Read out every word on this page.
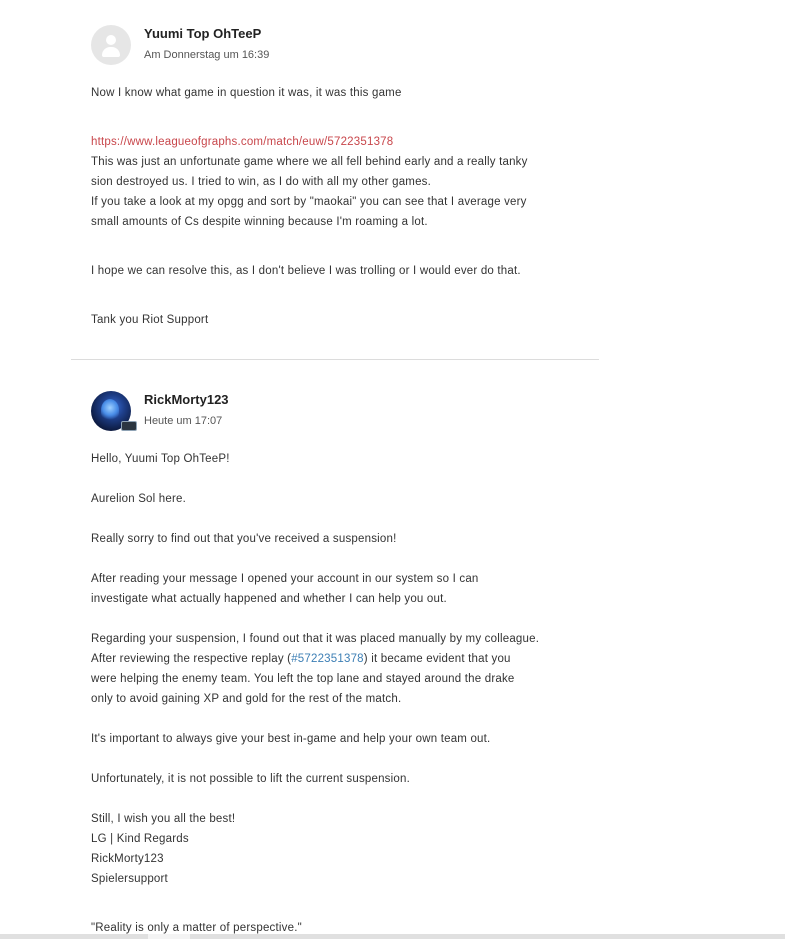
Yuumi Top OhTeeP
Am Donnerstag um 16:39
Now I know what game in question it was, it was this game
https://www.leagueofgraphs.com/match/euw/5722351378
This was just an unfortunate game where we all fell behind early and a really tanky
sion destroyed us. I tried to win, as I do with all my other games.
If you take a look at my opgg and sort by "maokai" you can see that I average very
small amounts of Cs despite winning because I'm roaming a lot.
I hope we can resolve this, as I don't believe I was trolling or I would ever do that.
Tank you Riot Support
RickMorty123
Heute um 17:07
Hello, Yuumi Top OhTeeP!
Aurelion Sol here.
Really sorry to find out that you've received a suspension!
After reading your message I opened your account in our system so I can
investigate what actually happened and whether I can help you out.
Regarding your suspension, I found out that it was placed manually by my colleague.
After reviewing the respective replay (#5722351378) it became evident that you
were helping the enemy team. You left the top lane and stayed around the drake
only to avoid gaining XP and gold for the rest of the match.
It's important to always give your best in-game and help your own team out.
Unfortunately, it is not possible to lift the current suspension.
Still, I wish you all the best!
LG | Kind Regards
RickMorty123
Spielersupport
"Reality is only a matter of perspective."
